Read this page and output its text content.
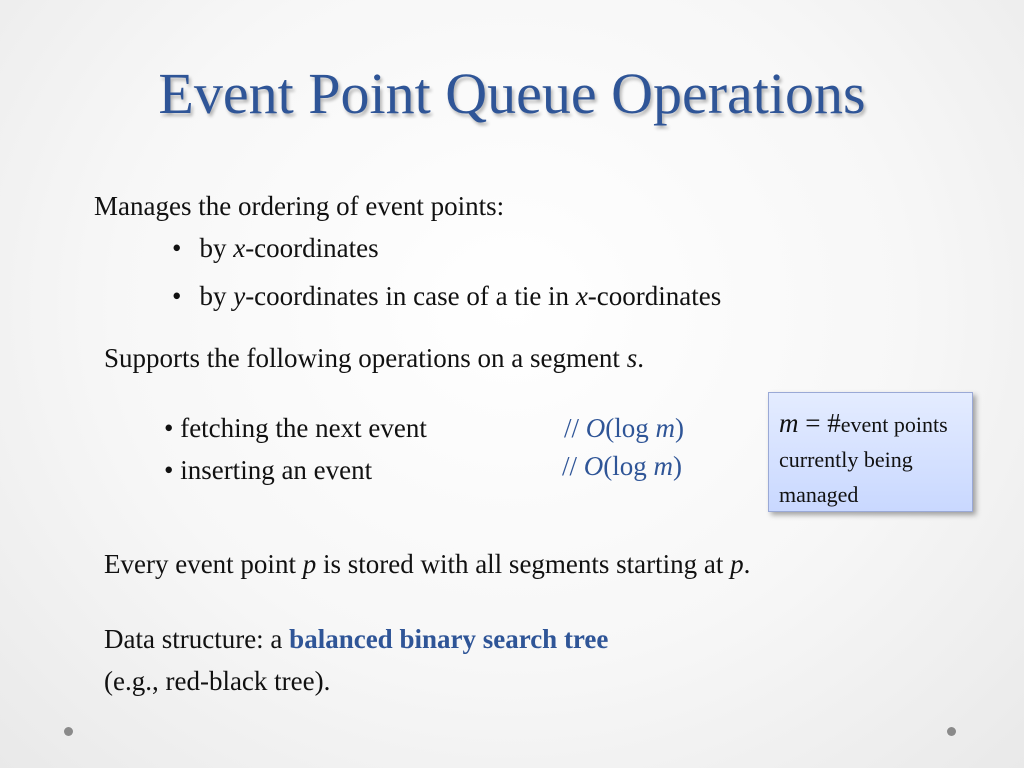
Event Point Queue Operations
Manages the ordering of event points:
• by x-coordinates
• by y-coordinates in case of a tie in x-coordinates
Supports the following operations on a segment s.
• fetching the next event	// O(log m)
• inserting an event	// O(log m)
m = #event points currently being managed
Every event point p is stored with all segments starting at p.
Data structure: a balanced binary search tree
(e.g., red-black tree).
